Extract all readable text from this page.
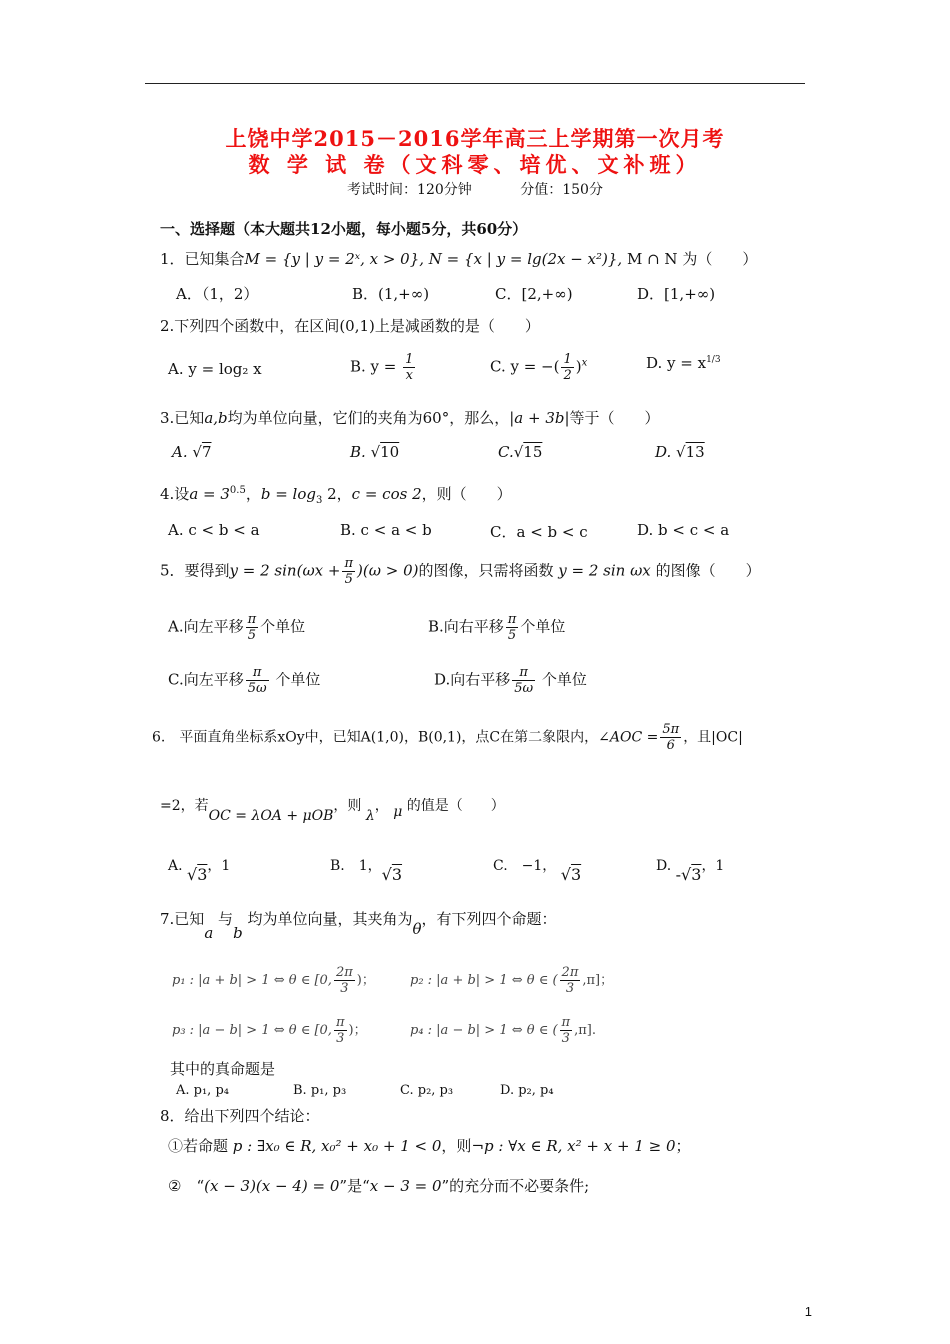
上饶中学2015－2016学年高三上学期第一次月考
数 学 试 卷（文科零、培优、文补班）
考试时间：120分钟	分值：150分
一、选择题（本大题共12小题，每小题5分，共60分）
1．已知集合M = {y | y = 2ˣ, x > 0}, N = {x | y = lg(2x − x²)}, M ∩ N 为（　　）
A．（1，2）	B．(1,+∞)	C．[2,+∞)	D．[1,+∞)
2.下列四个函数中，在区间(0,1)上是减函数的是（　　）
A. y = log₂ x	B. $y = \frac{1}{x}$	C. y = −( $\frac{1}{2} )^x$	D. $y = x^{1/3}$
3.已知a,b均为单位向量，它们的夹角为60°，那么，|a + 3b|等于（　　）
A. √7	B. √10	C.√15	D. √13
4.设$a = 3^{0.5}$，$b = \log_3 2$，c = cos 2，则（　　）
A. c < b < a	B. c < a < b	C．a < b < c	D. b < c < a
5．要得到y = 2 $\sin(\omega x + \frac{\pi}{5} )(\omega > 0)$的图像，只需将函数 y = 2 sin ωx 的图像（　　）
A.向左平移 $\frac{\pi}{5}$ 个单位	B.向右平移 $\frac{\pi}{5}$ 个单位
C.向左平移 $\frac{\pi}{5\omega}$ 个单位	D.向右平移 $\frac{\pi}{5\omega}$ 个单位
6.　平面直角坐标系xOy中，已知A(1,0)，B(0,1)，点C在第二象限内，∠AOC = $\frac{5\pi}{6}$ ，且|OC|
=2，若OC = λOA + μOB，则 λ， μ 的值是（　　）
A. √3，1	B.　1，√3	C.　−1， √3	D. -√3，1
7.已知a 与b 均为单位向量，其夹角为θ，有下列四个命题：
p₁ : |a + b| > 1 ⇔ θ ∈ [0, $\frac{2\pi}{3}$ )；	p₂ : |a + b| > 1 ⇔ θ ∈ ( $\frac{2\pi}{3} ,\pi$]；
p₃ : |a − b| > 1 ⇔ θ ∈ [0, $\frac{\pi}{3}$ )；	p₄ : |a − b| > 1 ⇔ θ ∈ ( $\frac{\pi}{3} ,\pi$].
其中的真命题是
A. p₁, p₄	B. p₁, p₃	C. p₂, p₃	D. p₂, p₄
8．给出下列四个结论：
①若命题 p : ∃x₀ ∈ R, x₀² + x₀ + 1 < 0，则¬p : ∀x ∈ R, x² + x + 1 ≥ 0；
②　“(x − 3)(x − 4) = 0”是“x − 3 = 0”的充分而不必要条件;
1
